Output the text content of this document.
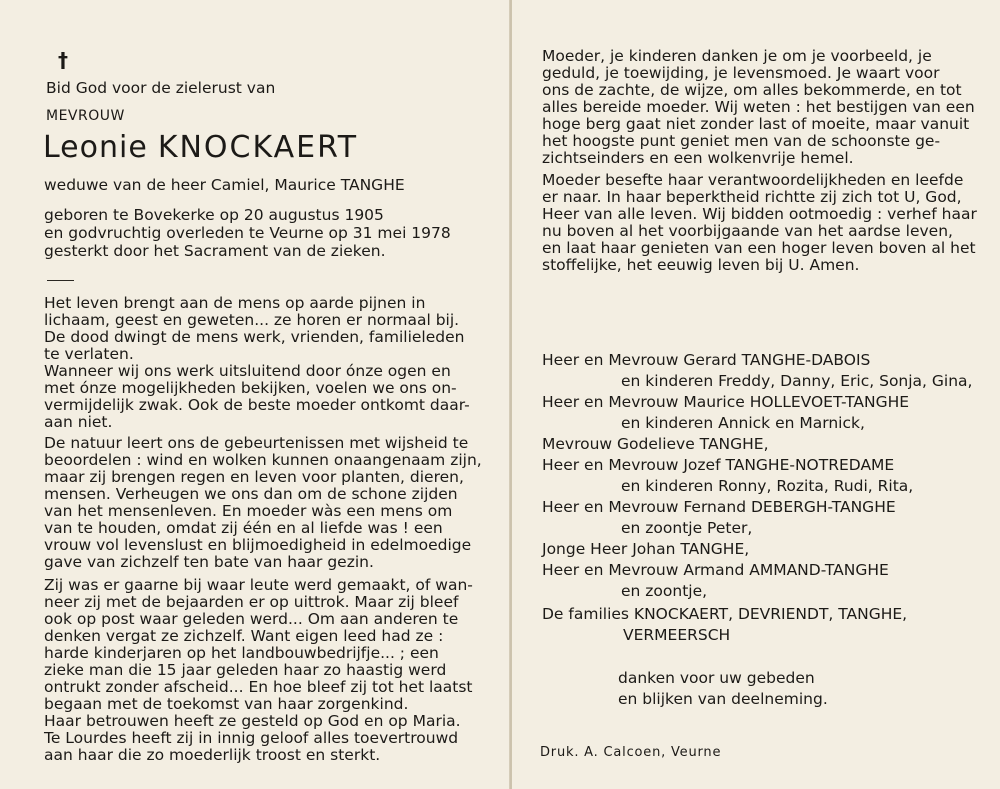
†
Bid God voor de zielerust van
MEVROUW
Leonie KNOCKAERT
weduwe van de heer Camiel, Maurice TANGHE
geboren te Bovekerke op 20 augustus 1905
en godvruchtig overleden te Veurne op 31 mei 1978
gesterkt door het Sacrament van de zieken.
Het leven brengt aan de mens op aarde pijnen in
lichaam, geest en geweten... ze horen er normaal bij.
De dood dwingt de mens werk, vrienden, familieleden
te verlaten.
Wanneer wij ons werk uitsluitend door ónze ogen en
met ónze mogelijkheden bekijken, voelen we ons on-
vermijdelijk zwak. Ook de beste moeder ontkomt daar-
aan niet.
De natuur leert ons de gebeurtenissen met wijsheid te
beoordelen : wind en wolken kunnen onaangenaam zijn,
maar zij brengen regen en leven voor planten, dieren,
mensen. Verheugen we ons dan om de schone zijden
van het mensenleven. En moeder wàs een mens om
van te houden, omdat zij één en al liefde was ! een
vrouw vol levenslust en blijmoedigheid in edelmoedige
gave van zichzelf ten bate van haar gezin.
Zij was er gaarne bij waar leute werd gemaakt, of wan-
neer zij met de bejaarden er op uittrok. Maar zij bleef
ook op post waar geleden werd... Om aan anderen te
denken vergat ze zichzelf. Want eigen leed had ze :
harde kinderjaren op het landbouwbedrijfje... ; een
zieke man die 15 jaar geleden haar zo haastig werd
ontrukt zonder afscheid... En hoe bleef zij tot het laatst
begaan met de toekomst van haar zorgenkind.
Haar betrouwen heeft ze gesteld op God en op Maria.
Te Lourdes heeft zij in innig geloof alles toevertrouwd
aan haar die zo moederlijk troost en sterkt.
Moeder, je kinderen danken je om je voorbeeld, je
geduld, je toewijding, je levensmoed. Je waart voor
ons de zachte, de wijze, om alles bekommerde, en tot
alles bereide moeder. Wij weten : het bestijgen van een
hoge berg gaat niet zonder last of moeite, maar vanuit
het hoogste punt geniet men van de schoonste ge-
zichtseinders en een wolkenvrije hemel.
Moeder besefte haar verantwoordelijkheden en leefde
er naar. In haar beperktheid richtte zij zich tot U, God,
Heer van alle leven. Wij bidden ootmoedig : verhef haar
nu boven al het voorbijgaande van het aardse leven,
en laat haar genieten van een hoger leven boven al het
stoffelijke, het eeuwig leven bij U. Amen.
Heer en Mevrouw Gerard TANGHE-DABOIS
en kinderen Freddy, Danny, Eric, Sonja, Gina,
Heer en Mevrouw Maurice HOLLEVOET-TANGHE
en kinderen Annick en Marnick,
Mevrouw Godelieve TANGHE,
Heer en Mevrouw Jozef TANGHE-NOTREDAME
en kinderen Ronny, Rozita, Rudi, Rita,
Heer en Mevrouw Fernand DEBERGH-TANGHE
en zoontje Peter,
Jonge Heer Johan TANGHE,
Heer en Mevrouw Armand AMMAND-TANGHE
en zoontje,
De families KNOCKAERT, DEVRIENDT, TANGHE,
VERMEERSCH
danken voor uw gebeden
en blijken van deelneming.
Druk. A. Calcoen, Veurne
